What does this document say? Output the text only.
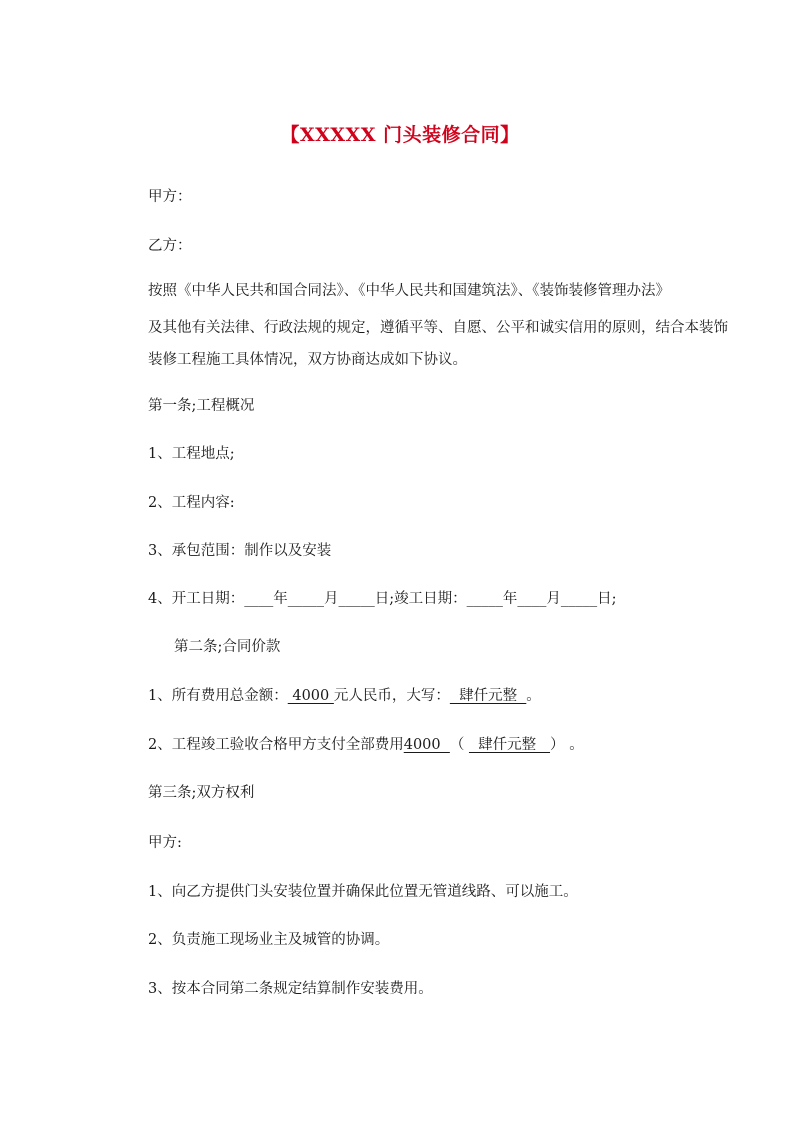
【XXXXX 门头装修合同】
甲方：
乙方：
按照《中华人民共和国合同法》、《中华人民共和国建筑法》、《装饰装修管理办法》
及其他有关法律、行政法规的规定，遵循平等、自愿、公平和诚实信用的原则，结合本装饰
装修工程施工具体情况，双方协商达成如下协议。
第一条;工程概况
1、工程地点;
2、工程内容:
3、承包范围：制作以及安装
4、开工日期：____年_____月_____日;竣工日期：_____年____月_____日;
第二条;合同价款
1、所有费用总金额： 4000 元人民币，大写：  肆仟元整  。
2、工程竣工验收合格甲方支付全部费用4000  （   肆仟元整   ） 。
第三条;双方权利
甲方:
1、向乙方提供门头安装位置并确保此位置无管道线路、可以施工。
2、负责施工现场业主及城管的协调。
3、按本合同第二条规定结算制作安装费用。
